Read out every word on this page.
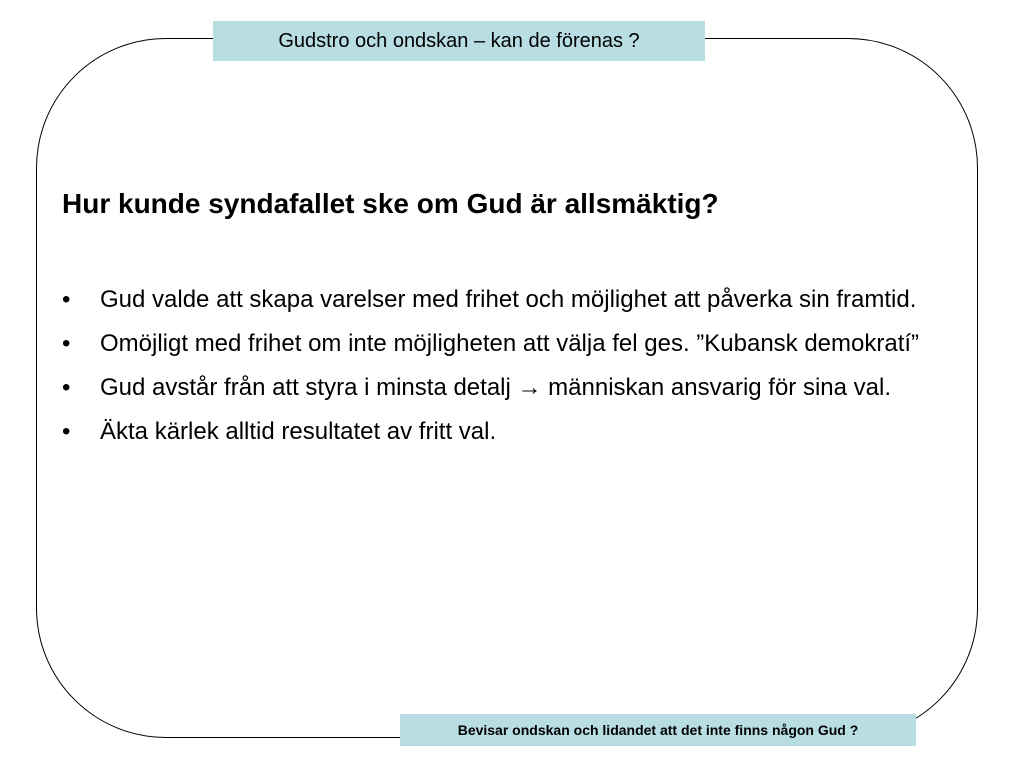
Gudstro och ondskan – kan de förenas ?
Hur kunde syndafallet ske om Gud är allsmäktig?
• Gud valde att skapa varelser med frihet och möjlighet att påverka sin framtid.
• Omöjligt med frihet om inte möjligheten att välja fel ges. ”Kubansk demokratí”
• Gud avstår från att styra i minsta detalj → människan ansvarig för sina val.
• Äkta kärlek alltid resultatet av fritt val.
Bevisar ondskan och lidandet att det inte finns någon Gud ?
